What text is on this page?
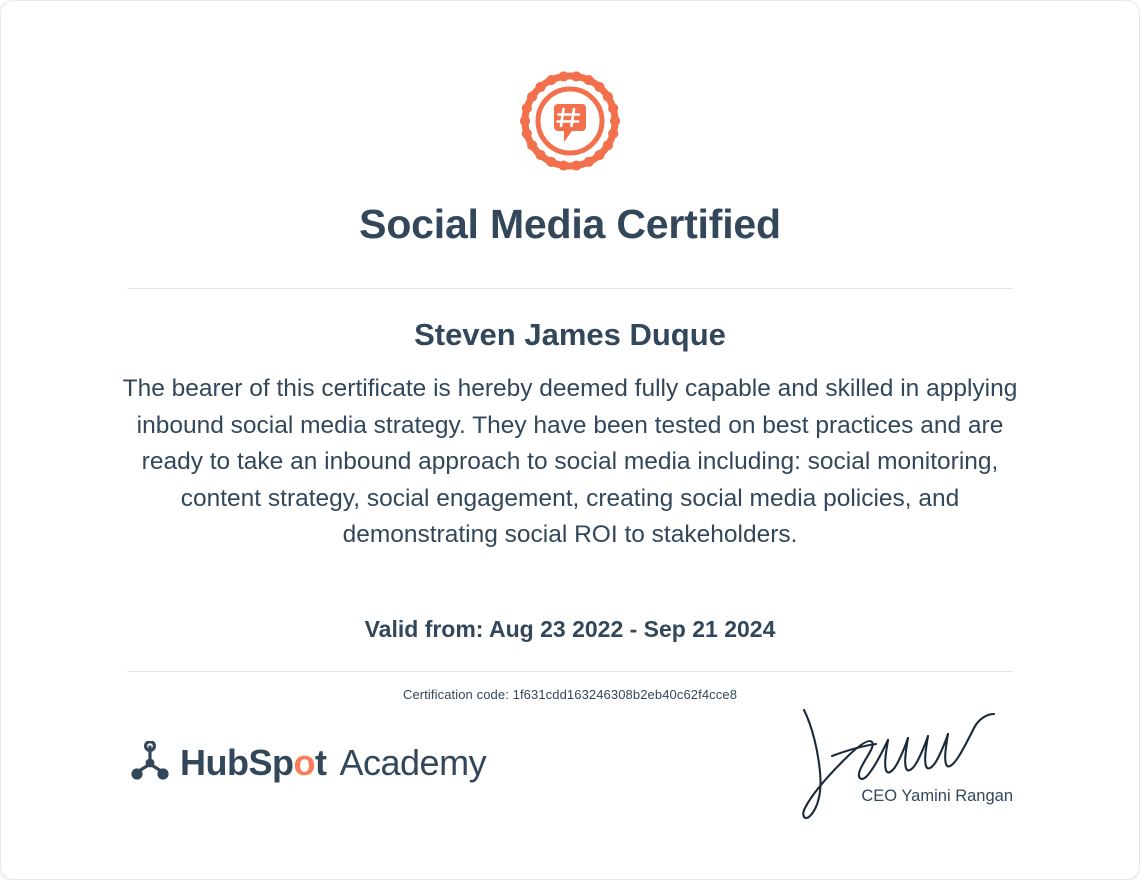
Social Media Certified
Steven James Duque
The bearer of this certificate is hereby deemed fully capable and skilled in applying inbound social media strategy. They have been tested on best practices and are ready to take an inbound approach to social media including: social monitoring, content strategy, social engagement, creating social media policies, and demonstrating social ROI to stakeholders.
Valid from: Aug 23 2022 - Sep 21 2024
Certification code: 1f631cdd163246308b2eb40c62f4cce8
Hub Sp o t Academy
CEO Yamini Rangan
